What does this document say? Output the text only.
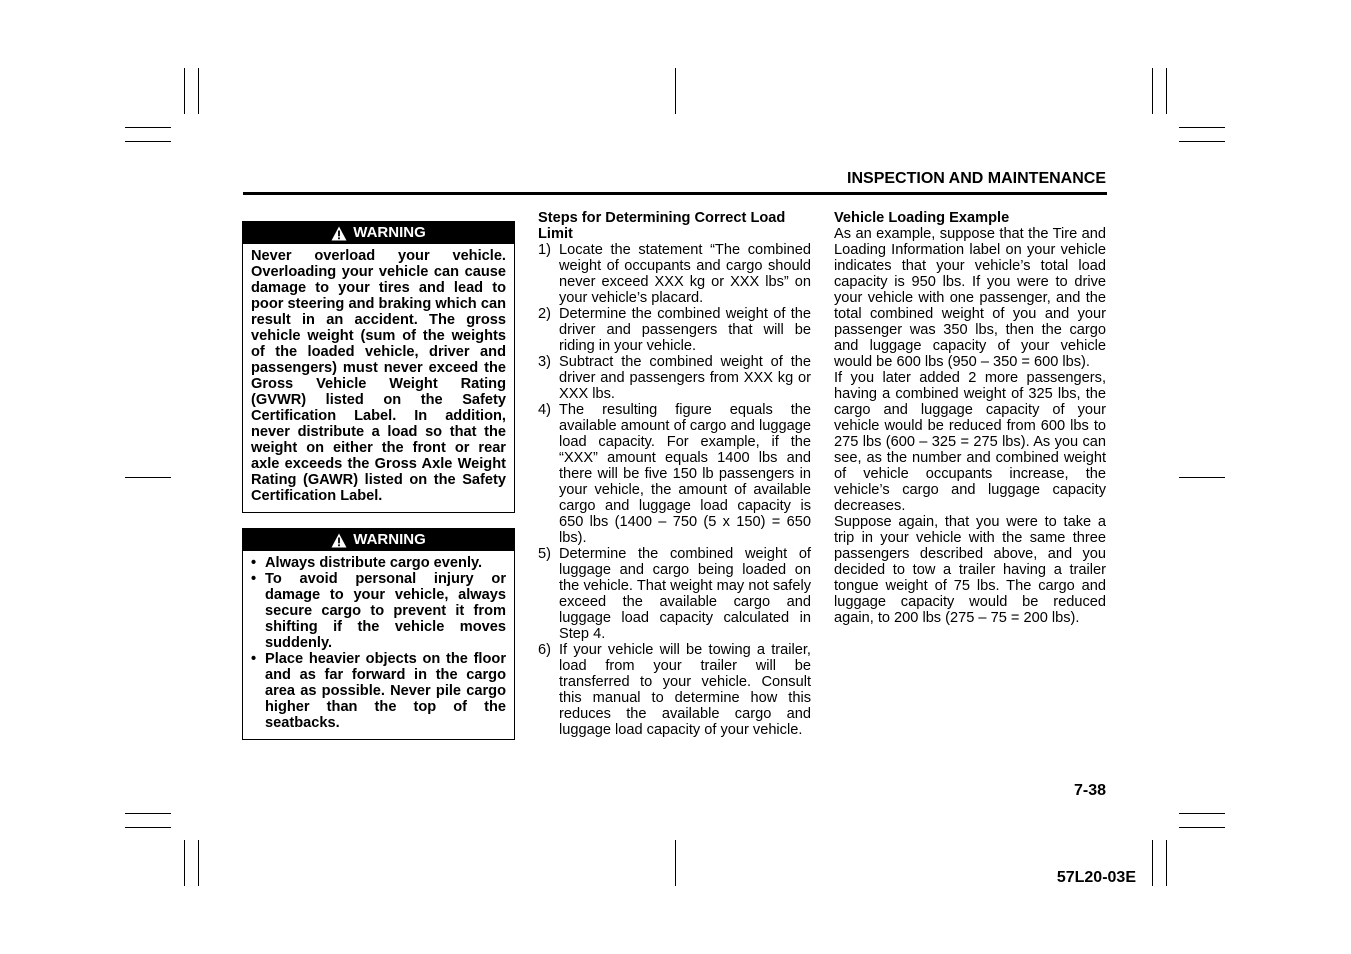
INSPECTION AND MAINTENANCE
WARNING
Never overload your vehicle. Overloading your vehicle can cause damage to your tires and lead to poor steering and braking which can result in an accident. The gross vehicle weight (sum of the weights of the loaded vehicle, driver and passengers) must never exceed the Gross Vehicle Weight Rating (GVWR) listed on the Safety Certification Label. In addition, never distribute a load so that the weight on either the front or rear axle exceeds the Gross Axle Weight Rating (GAWR) listed on the Safety Certification Label.
WARNING
• Always distribute cargo evenly.
• To avoid personal injury or damage to your vehicle, always secure cargo to prevent it from shifting if the vehicle moves suddenly.
• Place heavier objects on the floor and as far forward in the cargo area as possible. Never pile cargo higher than the top of the seatbacks.

Steps for Determining Correct Load Limit

1) Locate the statement “The combined weight of occupants and cargo should never exceed XXX kg or XXX lbs” on your vehicle’s placard.
2) Determine the combined weight of the driver and passengers that will be riding in your vehicle.
3) Subtract the combined weight of the driver and passengers from XXX kg or XXX lbs.
4) The resulting figure equals the available amount of cargo and luggage load capacity. For example, if the “XXX” amount equals 1400 lbs and there will be five 150 lb passengers in your vehicle, the amount of available cargo and luggage load capacity is 650 lbs (1400 – 750 (5 x 150) = 650 lbs).
5) Determine the combined weight of luggage and cargo being loaded on the vehicle. That weight may not safely exceed the available cargo and luggage load capacity calculated in Step 4.
6) If your vehicle will be towing a trailer, load from your trailer will be transferred to your vehicle. Consult this manual to determine how this reduces the available cargo and luggage load capacity of your vehicle.

Vehicle Loading Example

As an example, suppose that the Tire and Loading Information label on your vehicle indicates that your vehicle’s total load capacity is 950 lbs. If you were to drive your vehicle with one passenger, and the total combined weight of you and your passenger was 350 lbs, then the cargo and luggage capacity of your vehicle would be 600 lbs (950 – 350 = 600 lbs).

If you later added 2 more passengers, having a combined weight of 325 lbs, the cargo and luggage capacity of your vehicle would be reduced from 600 lbs to 275 lbs (600 – 325 = 275 lbs). As you can see, as the number and combined weight of vehicle occupants increase, the vehicle’s cargo and luggage capacity decreases.

Suppose again, that you were to take a trip in your vehicle with the same three passengers described above, and you decided to tow a trailer having a trailer tongue weight of 75 lbs. The cargo and luggage capacity would be reduced again, to 200 lbs (275 – 75 = 200 lbs).

7-38
57L20-03E
